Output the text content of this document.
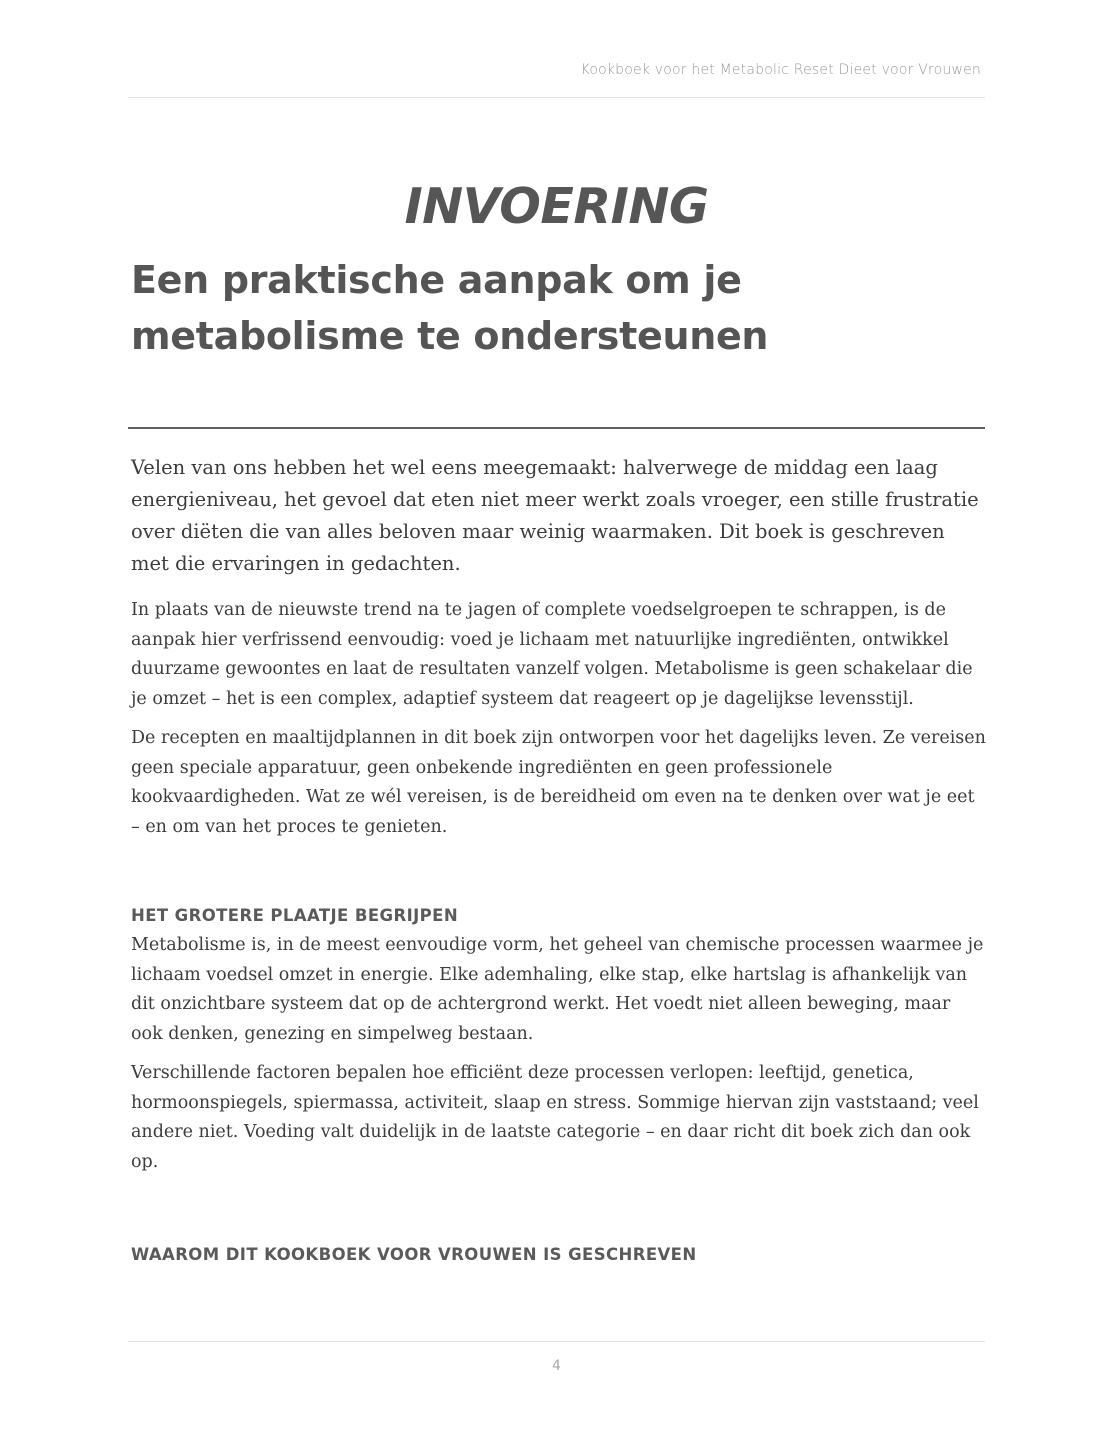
Kookboek voor het Metabolic Reset Dieet voor Vrouwen
INVOERING
Een praktische aanpak om je metabolisme te ondersteunen

Velen van ons hebben het wel eens meegemaakt: halverwege de middag een laag energieniveau, het gevoel dat eten niet meer werkt zoals vroeger, een stille frustratie over diëten die van alles beloven maar weinig waarmaken. Dit boek is geschreven met die ervaringen in gedachten.

In plaats van de nieuwste trend na te jagen of complete voedselgroepen te schrappen, is de aanpak hier verfrissend eenvoudig: voed je lichaam met natuurlijke ingrediënten, ontwikkel duurzame gewoontes en laat de resultaten vanzelf volgen. Metabolisme is geen schakelaar die je omzet – het is een complex, adaptief systeem dat reageert op je dagelijkse levensstijl.

De recepten en maaltijdplannen in dit boek zijn ontworpen voor het dagelijks leven. Ze vereisen geen speciale apparatuur, geen onbekende ingrediënten en geen professionele kookvaardigheden. Wat ze wél vereisen, is de bereidheid om even na te denken over wat je eet – en om van het proces te genieten.

HET GROTERE PLAATJE BEGRIJPEN

Metabolisme is, in de meest eenvoudige vorm, het geheel van chemische processen waarmee je lichaam voedsel omzet in energie. Elke ademhaling, elke stap, elke hartslag is afhankelijk van dit onzichtbare systeem dat op de achtergrond werkt. Het voedt niet alleen beweging, maar ook denken, genezing en simpelweg bestaan.

Verschillende factoren bepalen hoe efficiënt deze processen verlopen: leeftijd, genetica, hormoonspiegels, spiermassa, activiteit, slaap en stress. Sommige hiervan zijn vaststaand; veel andere niet. Voeding valt duidelijk in de laatste categorie – en daar richt dit boek zich dan ook op.

WAAROM DIT KOOKBOEK VOOR VROUWEN IS GESCHREVEN
4
